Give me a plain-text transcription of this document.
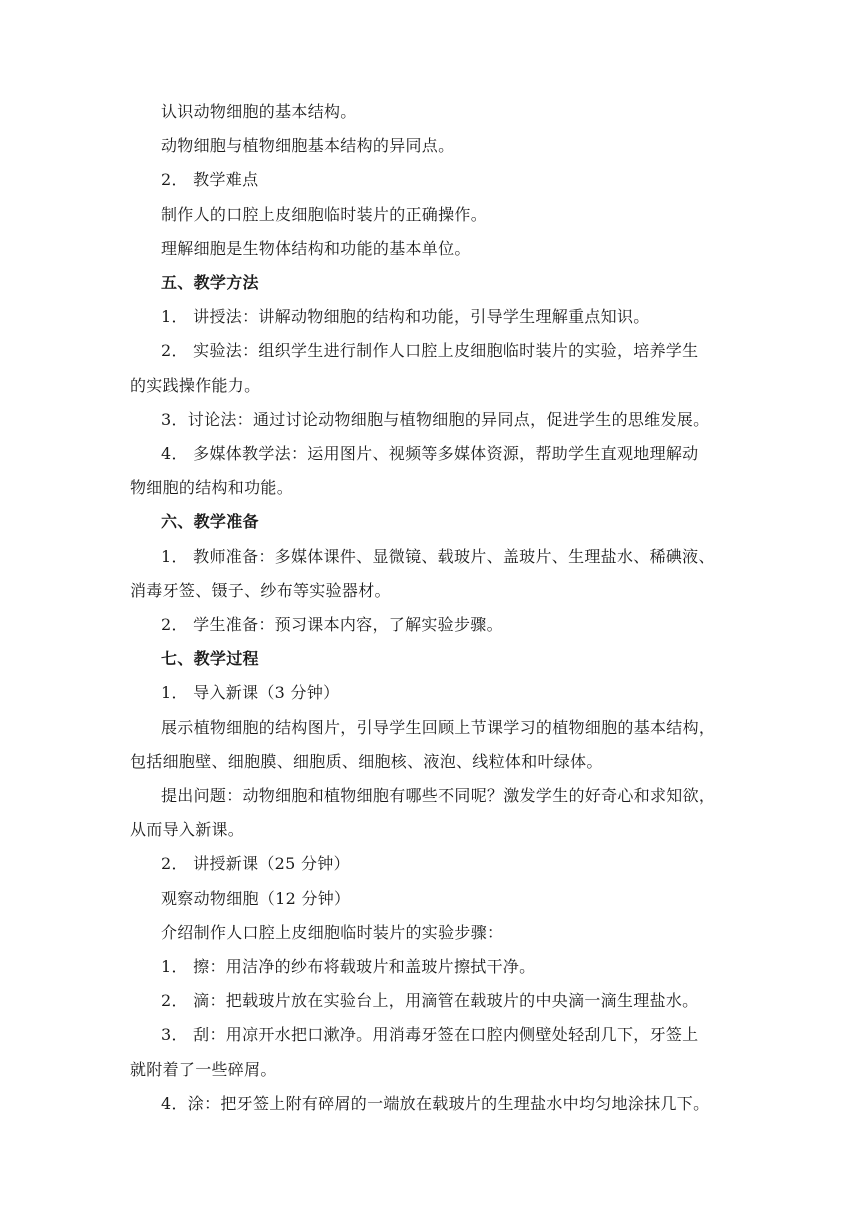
认识动物细胞的基本结构。

动物细胞与植物细胞基本结构的异同点。

2． 教学难点

制作人的口腔上皮细胞临时装片的正确操作。

理解细胞是生物体结构和功能的基本单位。

五、教学方法

1． 讲授法：讲解动物细胞的结构和功能，引导学生理解重点知识。

2． 实验法：组织学生进行制作人口腔上皮细胞临时装片的实验，培养学生

的实践操作能力。

3．讨论法：通过讨论动物细胞与植物细胞的异同点，促进学生的思维发展。

4． 多媒体教学法：运用图片、视频等多媒体资源，帮助学生直观地理解动

物细胞的结构和功能。

六、教学准备

1． 教师准备：多媒体课件、显微镜、载玻片、盖玻片、生理盐水、稀碘液、

消毒牙签、镊子、纱布等实验器材。

2． 学生准备：预习课本内容，了解实验步骤。

七、教学过程

1． 导入新课（3 分钟）

展示植物细胞的结构图片，引导学生回顾上节课学习的植物细胞的基本结构，

包括细胞壁、细胞膜、细胞质、细胞核、液泡、线粒体和叶绿体。

提出问题：动物细胞和植物细胞有哪些不同呢？激发学生的好奇心和求知欲，

从而导入新课。

2． 讲授新课（25 分钟）

观察动物细胞（12 分钟）

介绍制作人口腔上皮细胞临时装片的实验步骤：

1． 擦：用洁净的纱布将载玻片和盖玻片擦拭干净。

2． 滴：把载玻片放在实验台上，用滴管在载玻片的中央滴一滴生理盐水。

3． 刮：用凉开水把口漱净。用消毒牙签在口腔内侧壁处轻刮几下，牙签上

就附着了一些碎屑。

4．涂：把牙签上附有碎屑的一端放在载玻片的生理盐水中均匀地涂抹几下。
